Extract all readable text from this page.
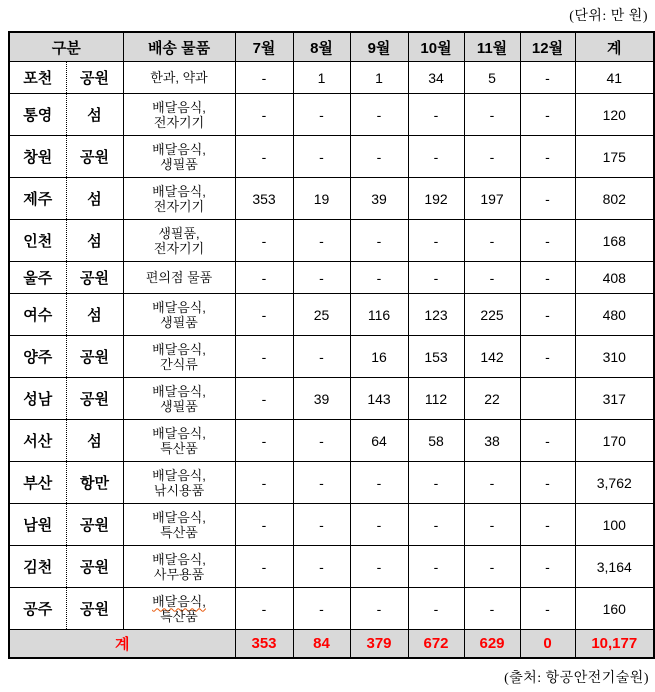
(단위: 만 원)
구분		배송 물품	7월	8월	9월	10월	11월	12월	계
포천	공원	한과, 약과	-	1	1	34	5	-	41
통영	섬	배달음식,
전자기기	-	-	-	-	-	-	120
창원	공원	배달음식,
생필품	-	-	-	-	-	-	175
제주	섬	배달음식,
전자기기	353	19	39	192	197	-	802
인천	섬	생필품,
전자기기	-	-	-	-	-	-	168
울주	공원	편의점 물품	-	-	-	-	-	-	408
여수	섬	배달음식,
생필품	-	25	116	123	225	-	480
양주	공원	배달음식,
간식류	-	-	16	153	142	-	310
성남	공원	배달음식,
생필품	-	39	143	112	22		317
서산	섬	배달음식,
특산품	-	-	64	58	38	-	170
부산	항만	배달음식,
낚시용품	-	-	-	-	-	-	3,762
남원	공원	배달음식,
특산품	-	-	-	-	-	-	100
김천	공원	배달음식,
사무용품	-	-	-	-	-	-	3,164
공주	공원	배달음식,
특산품	-	-	-	-	-	-	160
계			353	84	379	672	629	0	10,177
(출처: 항공안전기술원)
